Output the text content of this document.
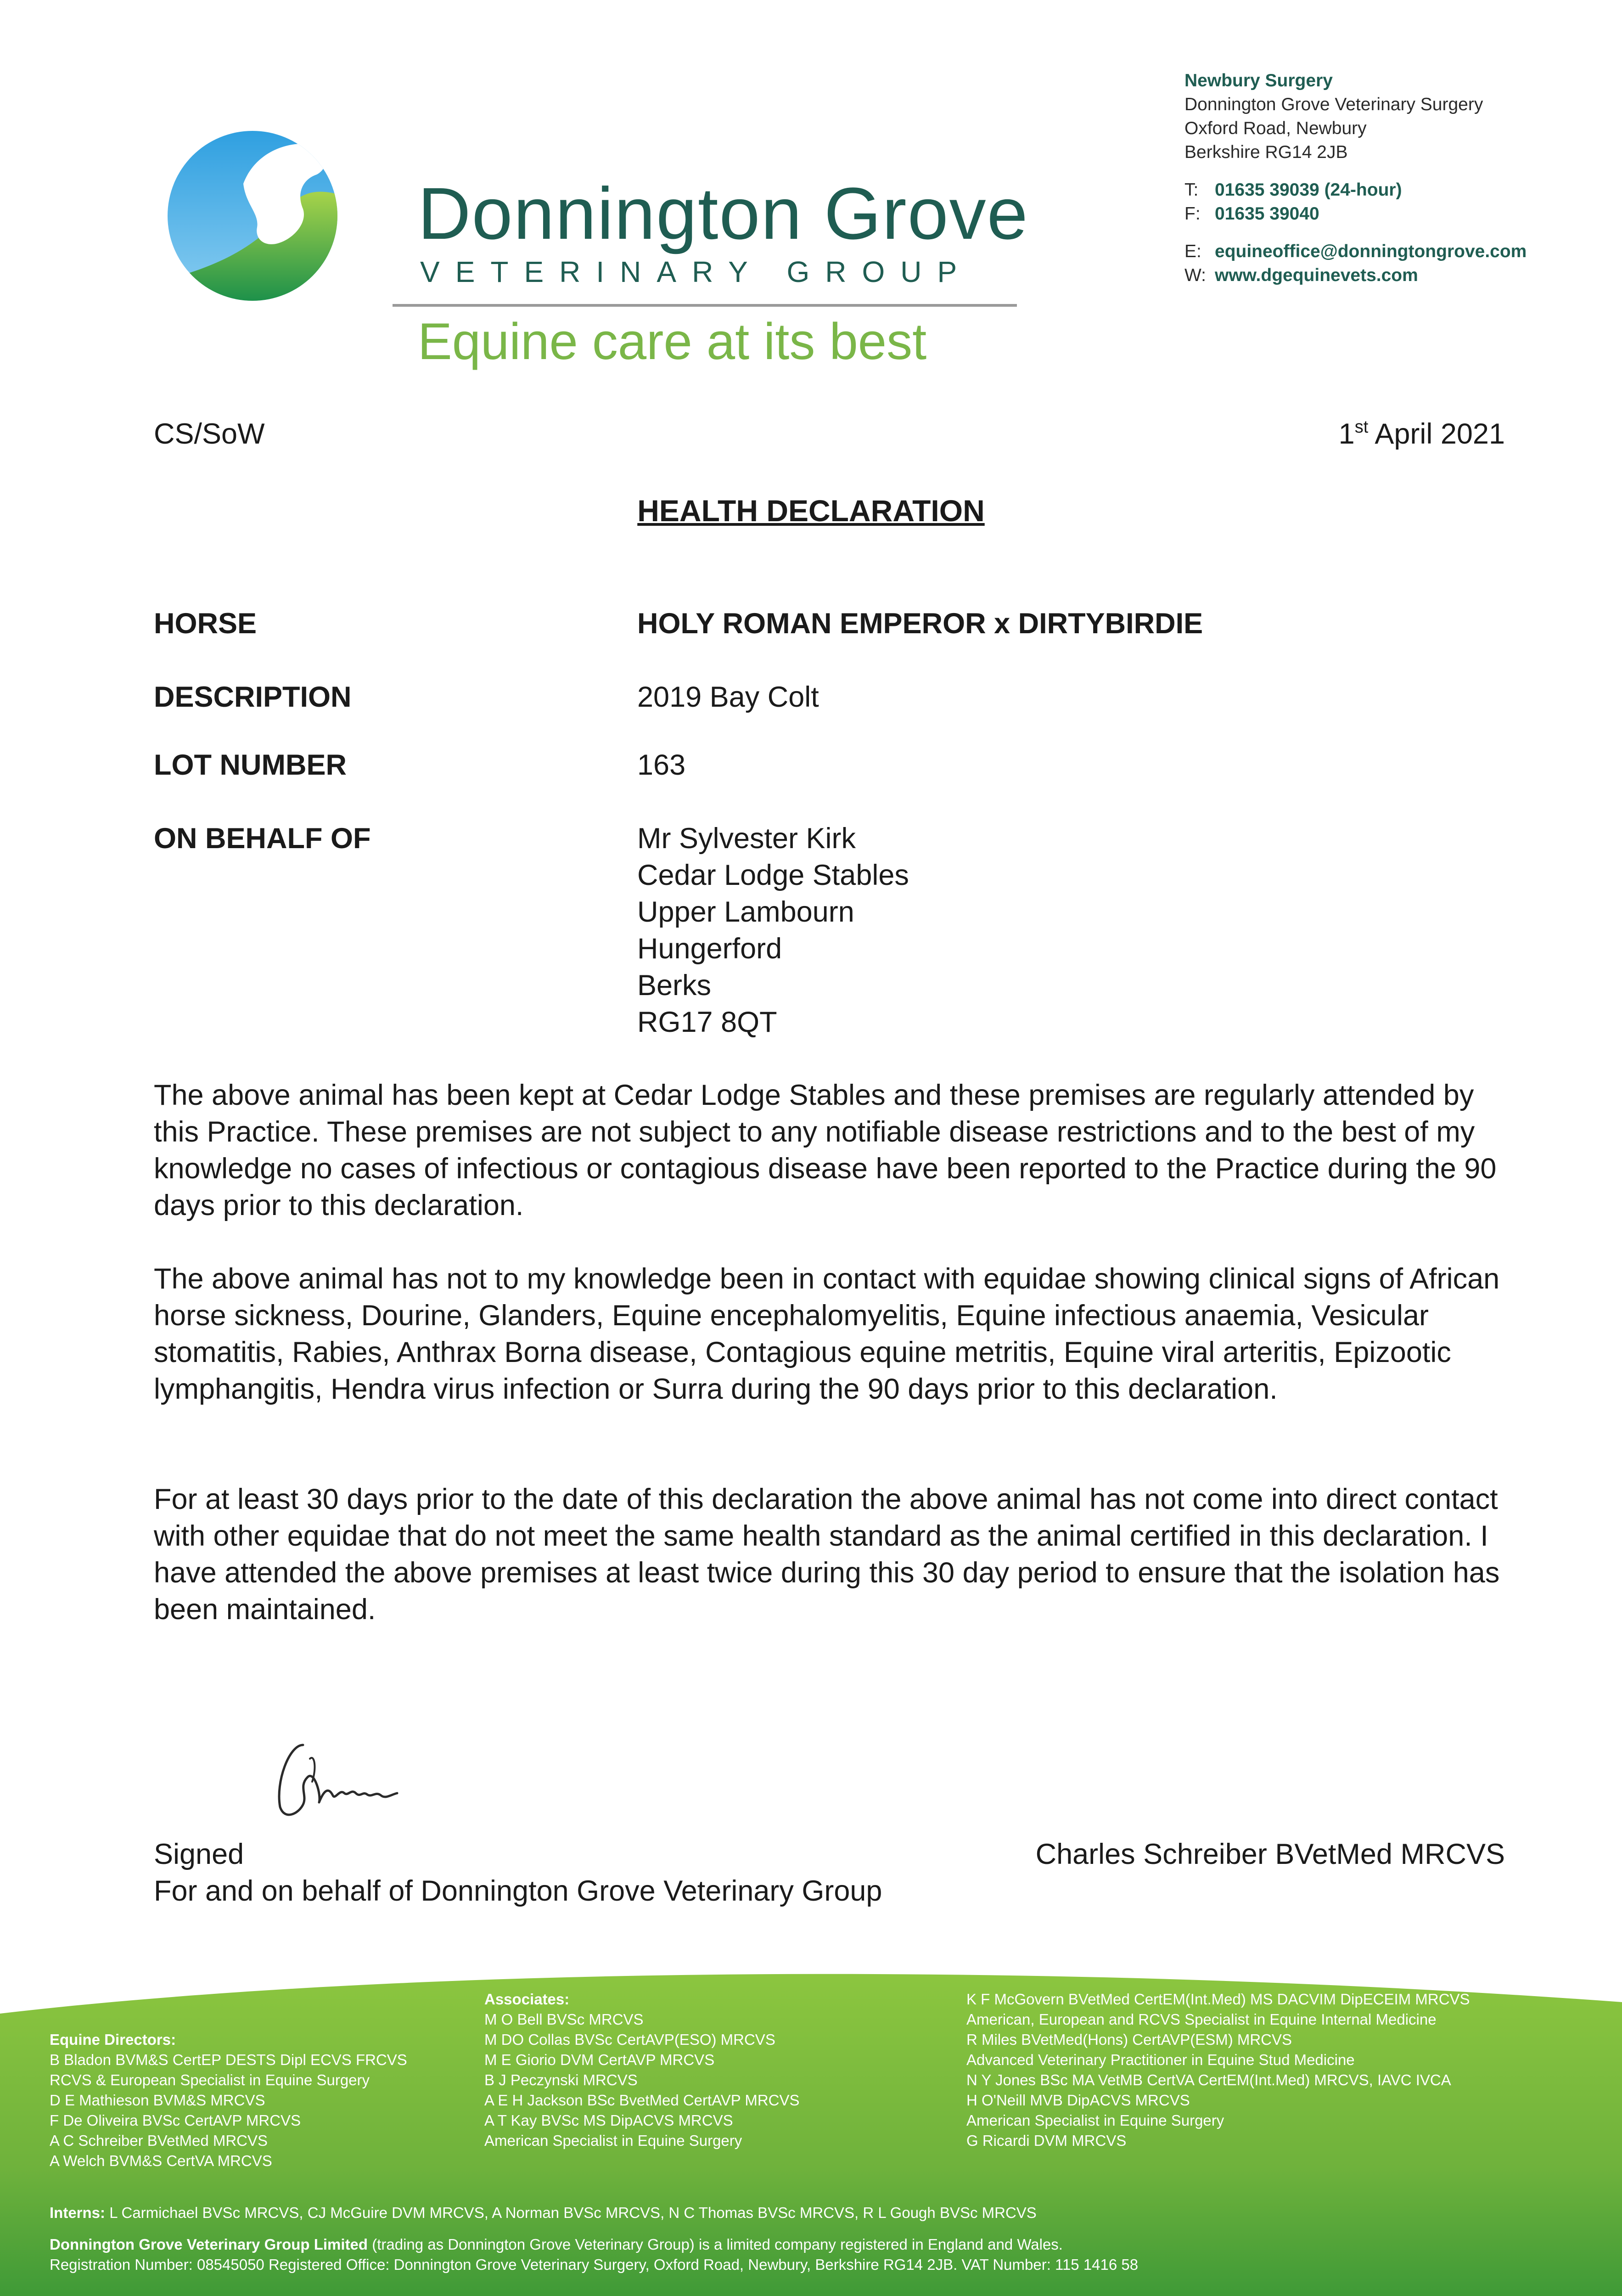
Donnington Grove
VETERINARY GROUP
Equine care at its best
Newbury Surgery
Donnington Grove Veterinary Surgery
Oxford Road, Newbury
Berkshire RG14 2JB
T: 01635 39039 (24-hour)
F: 01635 39040
E: equineoffice@donningtongrove.com
W: www.dgequinevets.com
CS/SoW	1st April 2021
HEALTH DECLARATION
HORSE	HOLY ROMAN EMPEROR x DIRTYBIRDIE
DESCRIPTION	2019 Bay Colt
LOT NUMBER	163
ON BEHALF OF	Mr Sylvester Kirk
Cedar Lodge Stables
Upper Lambourn
Hungerford
Berks
RG17 8QT
The above animal has been kept at Cedar Lodge Stables and these premises are regularly attended by this Practice. These premises are not subject to any notifiable disease restrictions and to the best of my knowledge no cases of infectious or contagious disease have been reported to the Practice during the 90 days prior to this declaration.
The above animal has not to my knowledge been in contact with equidae showing clinical signs of African horse sickness, Dourine, Glanders, Equine encephalomyelitis, Equine infectious anaemia, Vesicular stomatitis, Rabies, Anthrax Borna disease, Contagious equine metritis, Equine viral arteritis, Epizootic lymphangitis, Hendra virus infection or Surra during the 90 days prior to this declaration.
For at least 30 days prior to the date of this declaration the above animal has not come into direct contact with other equidae that do not meet the same health standard as the animal certified in this declaration. I have attended the above premises at least twice during this 30 day period to ensure that the isolation has been maintained.
Signed	Charles Schreiber BVetMed MRCVS
For and on behalf of Donnington Grove Veterinary Group
Equine Directors:
B Bladon BVM&S CertEP DESTS Dipl ECVS FRCVS
RCVS & European Specialist in Equine Surgery
D E Mathieson BVM&S MRCVS
F De Oliveira BVSc CertAVP MRCVS
A C Schreiber BVetMed MRCVS
A Welch BVM&S CertVA MRCVS
Associates:
M O Bell BVSc MRCVS
M DO Collas BVSc CertAVP(ESO) MRCVS
M E Giorio DVM CertAVP MRCVS
B J Peczynski MRCVS
A E H Jackson BSc BvetMed CertAVP MRCVS
A T Kay BVSc MS DipACVS MRCVS
American Specialist in Equine Surgery
K F McGovern BVetMed CertEM(Int.Med) MS DACVIM DipECEIM MRCVS
American, European and RCVS Specialist in Equine Internal Medicine
R Miles BVetMed(Hons) CertAVP(ESM) MRCVS
Advanced Veterinary Practitioner in Equine Stud Medicine
N Y Jones BSc MA VetMB CertVA CertEM(Int.Med) MRCVS, IAVC IVCA
H O'Neill MVB DipACVS MRCVS
American Specialist in Equine Surgery
G Ricardi DVM MRCVS
Interns: L Carmichael BVSc MRCVS, CJ McGuire DVM MRCVS, A Norman BVSc MRCVS, N C Thomas BVSc MRCVS, R L Gough BVSc MRCVS
Donnington Grove Veterinary Group Limited (trading as Donnington Grove Veterinary Group) is a limited company registered in England and Wales.
Registration Number: 08545050 Registered Office: Donnington Grove Veterinary Surgery, Oxford Road, Newbury, Berkshire RG14 2JB. VAT Number: 115 1416 58
